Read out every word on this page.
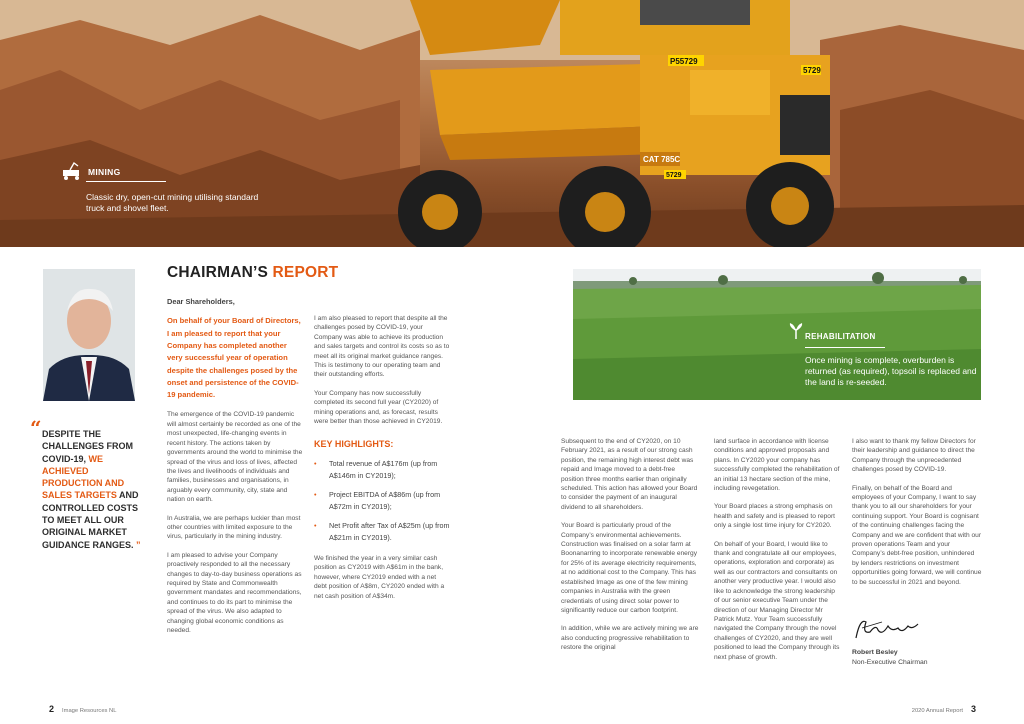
P55729
5729
CAT 785C
5729
MINING
Classic dry, open-cut mining utilising standard truck and shovel fleet.
“ DESPITE THE
CHALLENGES FROM
COVID-19, WE ACHIEVED
PRODUCTION AND
SALES TARGETS AND
CONTROLLED COSTS
TO MEET ALL OUR
ORIGINAL MARKET
GUIDANCE RANGES. ”
CHAIRMAN’S REPORT

Dear Shareholders,

On behalf of your Board of Directors, I am pleased to report that your Company has completed another very successful year of operation despite the challenges posed by the onset and persistence of the COVID-19 pandemic.

The emergence of the COVID-19 pandemic will almost certainly be recorded as one of the most unexpected, life-changing events in recent history. The actions taken by governments around the world to minimise the spread of the virus and loss of lives, affected the lives and livelihoods of individuals and families, businesses and organisations, in arguably every community, city, state and nation on earth.

In Australia, we are perhaps luckier than most other countries with limited exposure to the virus, particularly in the mining industry.

I am pleased to advise your Company proactively responded to all the necessary changes to day-to-day business operations as required by State and Commonwealth government mandates and recommendations, and continues to do its part to minimise the spread of the virus. We also adapted to changing global economic conditions as needed.

I am also pleased to report that despite all the challenges posed by COVID-19, your Company was able to achieve its production and sales targets and control its costs so as to meet all its original market guidance ranges. This is testimony to our operating team and their outstanding efforts.

Your Company has now successfully completed its second full year (CY2020) of mining operations and, as forecast, results were better than those achieved in CY2019.

KEY HIGHLIGHTS:
• Total revenue of A$176m (up from A$146m in CY2019);
• Project EBITDA of A$86m (up from A$72m in CY2019);
• Net Profit after Tax of A$25m (up from A$21m in CY2019).

We finished the year in a very similar cash position as CY2019 with A$61m in the bank, however, where CY2019 ended with a net debt position of A$8m, CY2020 ended with a net cash position of A$34m.

REHABILITATION
Once mining is complete, overburden is returned (as required), topsoil is replaced and the land is re-seeded.

Subsequent to the end of CY2020, on 10 February 2021, as a result of our strong cash position, the remaining high interest debt was repaid and Image moved to a debt-free position three months earlier than originally scheduled. This action has allowed your Board to consider the payment of an inaugural dividend to all shareholders.

Your Board is particularly proud of the Company’s environmental achievements. Construction was finalised on a solar farm at Boonanarring to incorporate renewable energy for 25% of its average electricity requirements, at no additional cost to the Company. This has established Image as one of the few mining companies in Australia with the green credentials of using direct solar power to significantly reduce our carbon footprint.

In addition, while we are actively mining we are also conducting progressive rehabilitation to restore the original

land surface in accordance with license conditions and approved proposals and plans. In CY2020 your company has successfully completed the rehabilitation of an initial 13 hectare section of the mine, including revegetation.

Your Board places a strong emphasis on health and safety and is pleased to report only a single lost time injury for CY2020.

On behalf of your Board, I would like to thank and congratulate all our employees, operations, exploration and corporate) as well as our contractors and consultants on another very productive year. I would also like to acknowledge the strong leadership of our senior executive Team under the direction of our Managing Director Mr Patrick Mutz. Your Team successfully navigated the Company through the novel challenges of CY2020, and they are well positioned to lead the Company through its next phase of growth.

I also want to thank my fellow Directors for their leadership and guidance to direct the Company through the unprecedented challenges posed by COVID-19.

Finally, on behalf of the Board and employees of your Company, I want to say thank you to all our shareholders for your continuing support. Your Board is cognisant of the continuing challenges facing the Company and we are confident that with our proven operations Team and your Company’s debt-free position, unhindered by lenders restrictions on investment opportunities going forward, we will continue to be successful in 2021 and beyond.

Robert Besley
Non-Executive Chairman
2 Image Resources NL	2020 Annual Report 3
